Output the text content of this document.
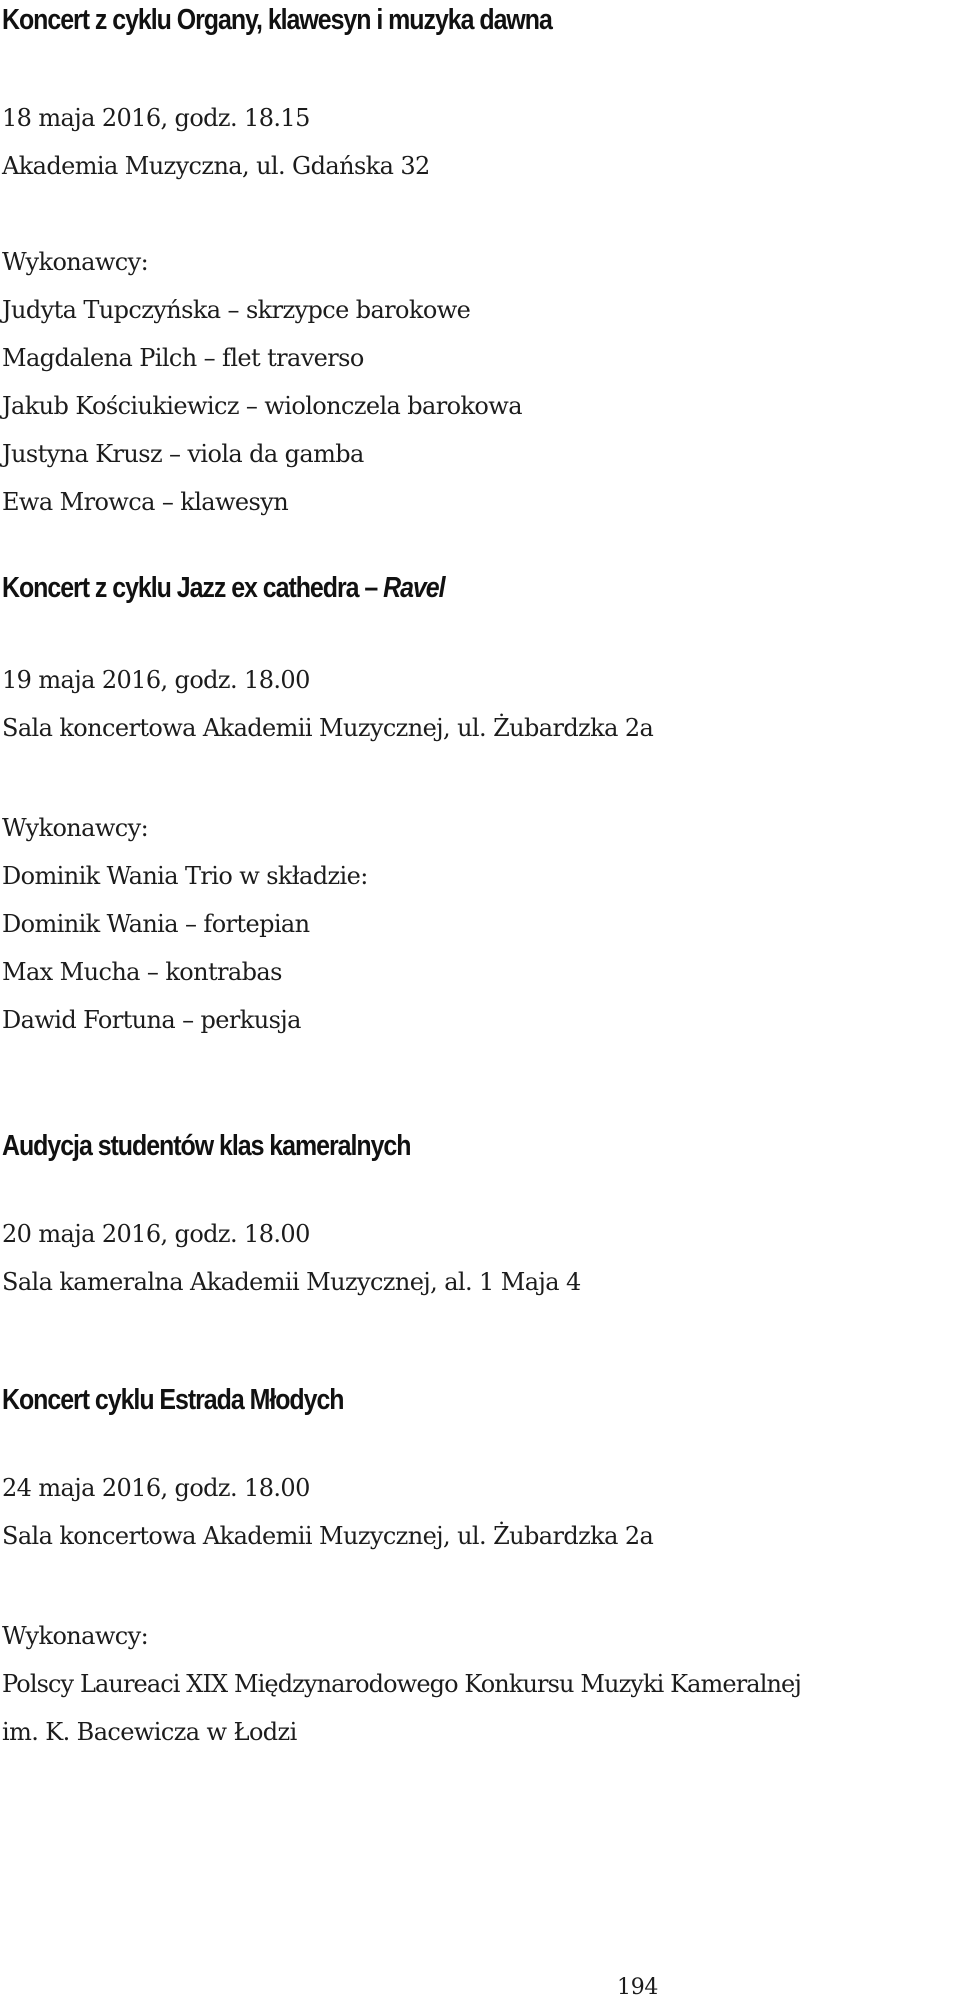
Koncert z cyklu Organy, klawesyn i muzyka dawna
18 maja 2016, godz. 18.15
Akademia Muzyczna, ul. Gdańska 32
Wykonawcy:
Judyta Tupczyńska – skrzypce barokowe
Magdalena Pilch – flet traverso
Jakub Kościukiewicz – wiolonczela barokowa
Justyna Krusz – viola da gamba
Ewa Mrowca – klawesyn
Koncert z cyklu Jazz ex cathedra – Ravel
19 maja 2016, godz. 18.00
Sala koncertowa Akademii Muzycznej, ul. Żubardzka 2a
Wykonawcy:
Dominik Wania Trio w składzie:
Dominik Wania – fortepian
Max Mucha – kontrabas
Dawid Fortuna – perkusja
Audycja studentów klas kameralnych
20 maja 2016, godz. 18.00
Sala kameralna Akademii Muzycznej, al. 1 Maja 4
Koncert cyklu Estrada Młodych
24 maja 2016, godz. 18.00
Sala koncertowa Akademii Muzycznej, ul. Żubardzka 2a
Wykonawcy:
Polscy Laureaci XIX Międzynarodowego Konkursu Muzyki Kameralnej
im. K. Bacewicza w Łodzi
194
